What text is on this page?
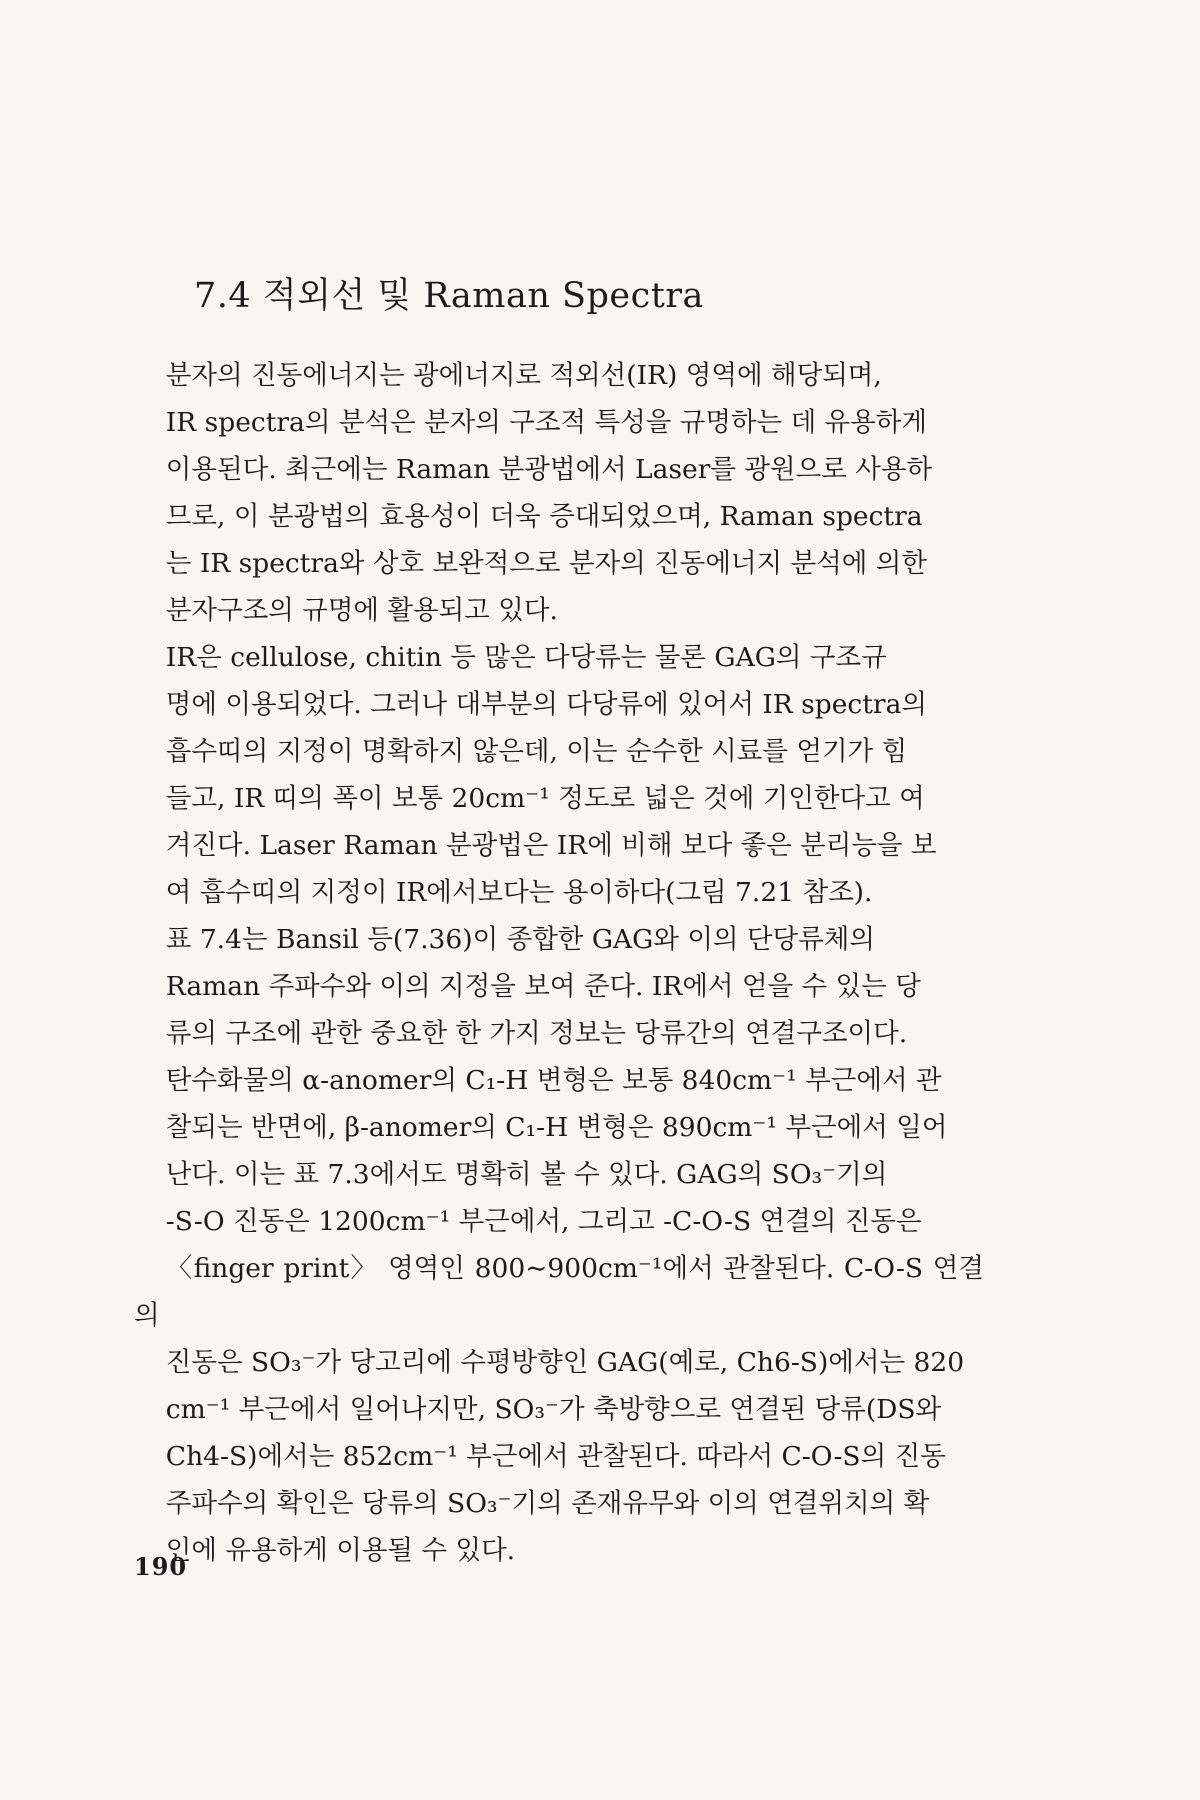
7.4 적외선 및 Raman Spectra

분자의 진동에너지는 광에너지로 적외선(IR) 영역에 해당되며,
IR spectra의 분석은 분자의 구조적 특성을 규명하는 데 유용하게
이용된다. 최근에는 Raman 분광법에서 Laser를 광원으로 사용하
므로, 이 분광법의 효용성이 더욱 증대되었으며, Raman spectra
는 IR spectra와 상호 보완적으로 분자의 진동에너지 분석에 의한
분자구조의 규명에 활용되고 있다.

IR은 cellulose, chitin 등 많은 다당류는 물론 GAG의 구조규
명에 이용되었다. 그러나 대부분의 다당류에 있어서 IR spectra의
흡수띠의 지정이 명확하지 않은데, 이는 순수한 시료를 얻기가 힘
들고, IR 띠의 폭이 보통 20cm⁻¹ 정도로 넓은 것에 기인한다고 여
겨진다. Laser Raman 분광법은 IR에 비해 보다 좋은 분리능을 보
여 흡수띠의 지정이 IR에서보다는 용이하다(그림 7.21 참조).

표 7.4는 Bansil 등(7.36)이 종합한 GAG와 이의 단당류체의
Raman 주파수와 이의 지정을 보여 준다. IR에서 얻을 수 있는 당
류의 구조에 관한 중요한 한 가지 정보는 당류간의 연결구조이다.
탄수화물의 α-anomer의 C₁-H 변형은 보통 840cm⁻¹ 부근에서 관
찰되는 반면에, β-anomer의 C₁-H 변형은 890cm⁻¹ 부근에서 일어
난다. 이는 표 7.3에서도 명확히 볼 수 있다. GAG의 SO₃⁻기의
-S-O 진동은 1200cm⁻¹ 부근에서, 그리고 -C-O-S 연결의 진동은
〈finger print〉 영역인 800∼900cm⁻¹에서 관찰된다. C-O-S 연결의
진동은 SO₃⁻가 당고리에 수평방향인 GAG(예로, Ch6-S)에서는 820
cm⁻¹ 부근에서 일어나지만, SO₃⁻가 축방향으로 연결된 당류(DS와
Ch4-S)에서는 852cm⁻¹ 부근에서 관찰된다. 따라서 C-O-S의 진동
주파수의 확인은 당류의 SO₃⁻기의 존재유무와 이의 연결위치의 확
인에 유용하게 이용될 수 있다.

190
